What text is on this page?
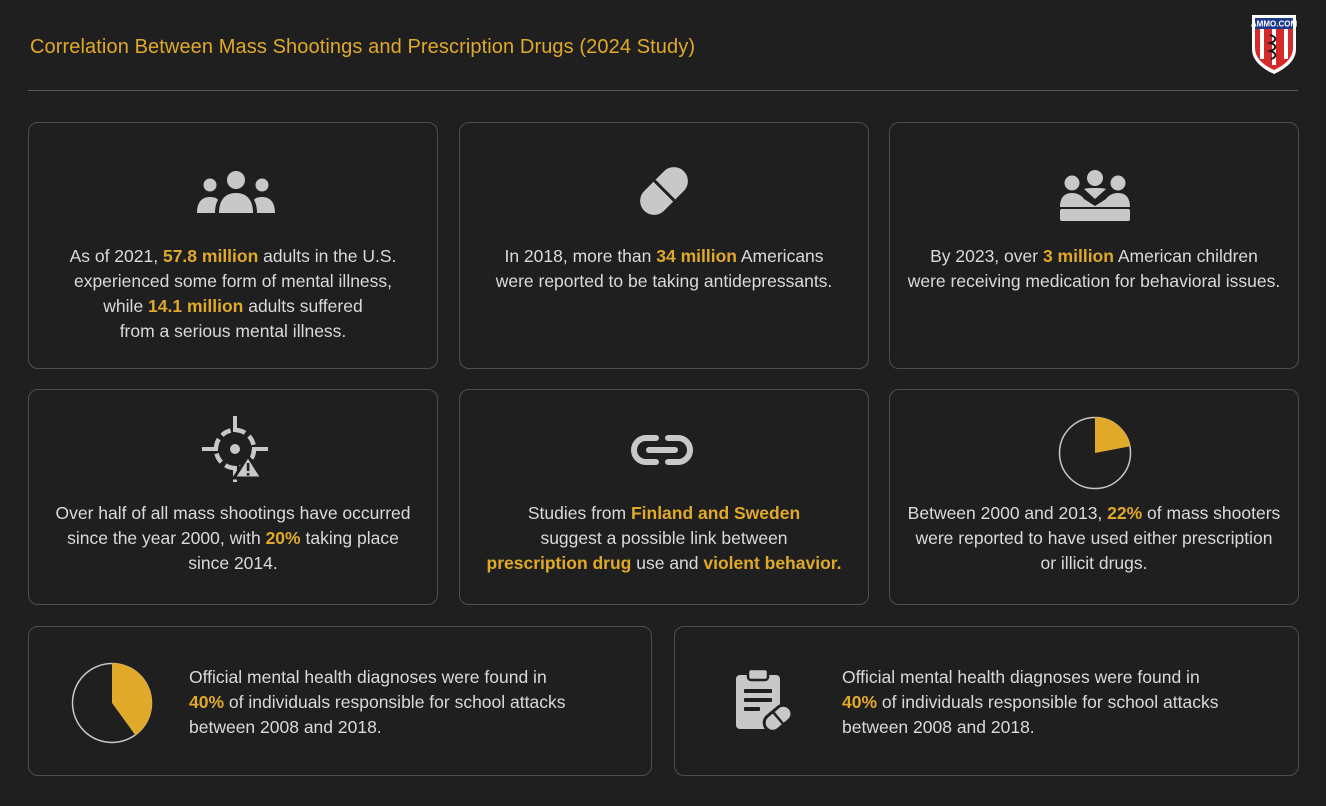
Correlation Between Mass Shootings and Prescription Drugs (2024 Study)
AMMO.COM
As of 2021, 57.8 million adults in the U.S.
experienced some form of mental illness,
while 14.1 million adults suffered
from a serious mental illness.
In 2018, more than 34 million Americans
were reported to be taking antidepressants.
By 2023, over 3 million American children
were receiving medication for behavioral issues.
Over half of all mass shootings have occurred
since the year 2000, with 20% taking place
since 2014.
Studies from Finland and Sweden
suggest a possible link between
prescription drug use and violent behavior.
Between 2000 and 2013, 22% of mass shooters
were reported to have used either prescription
or illicit drugs.
Official mental health diagnoses were found in
40% of individuals responsible for school attacks
between 2008 and 2018.
Official mental health diagnoses were found in
40% of individuals responsible for school attacks
between 2008 and 2018.
